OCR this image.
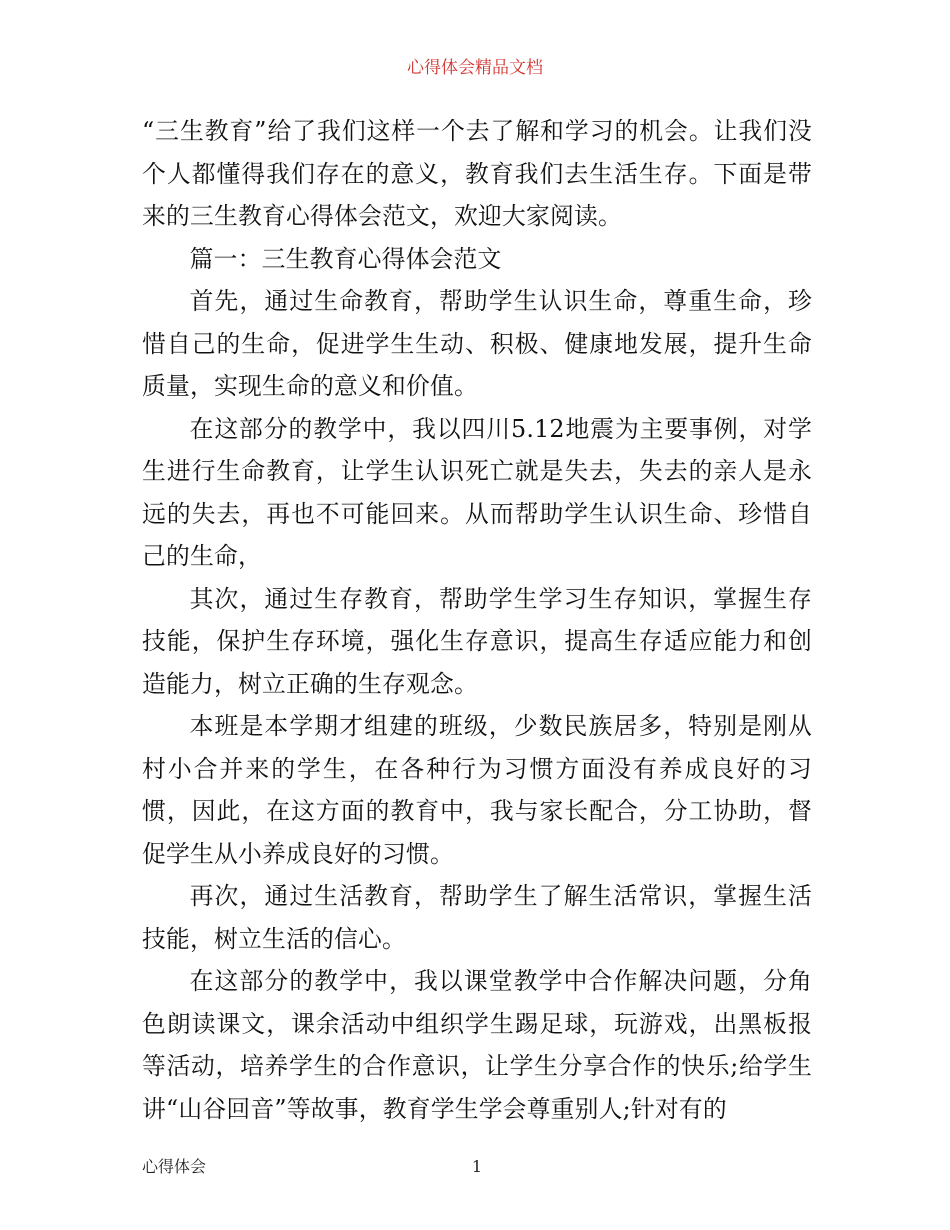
心得体会精品文档

“三生教育”给了我们这样一个去了解和学习的机会。让我们没个人都懂得我们存在的意义，教育我们去生活生存。下面是带来的三生教育心得体会范文，欢迎大家阅读。

篇一：三生教育心得体会范文

首先，通过生命教育，帮助学生认识生命，尊重生命，珍惜自己的生命，促进学生生动、积极、健康地发展，提升生命质量，实现生命的意义和价值。

在这部分的教学中，我以四川5.12地震为主要事例，对学生进行生命教育，让学生认识死亡就是失去，失去的亲人是永远的失去，再也不可能回来。从而帮助学生认识生命、珍惜自己的生命，

其次，通过生存教育，帮助学生学习生存知识，掌握生存技能，保护生存环境，强化生存意识，提高生存适应能力和创造能力，树立正确的生存观念。

本班是本学期才组建的班级，少数民族居多，特别是刚从村小合并来的学生，在各种行为习惯方面没有养成良好的习惯，因此，在这方面的教育中，我与家长配合，分工协助，督促学生从小养成良好的习惯。

再次，通过生活教育，帮助学生了解生活常识，掌握生活技能，树立生活的信心。

在这部分的教学中，我以课堂教学中合作解决问题，分角色朗读课文，课余活动中组织学生踢足球，玩游戏，出黑板报等活动，培养学生的合作意识，让学生分享合作的快乐;给学生讲“山谷回音”等故事，教育学生学会尊重别人;针对有的

心得体会	1
